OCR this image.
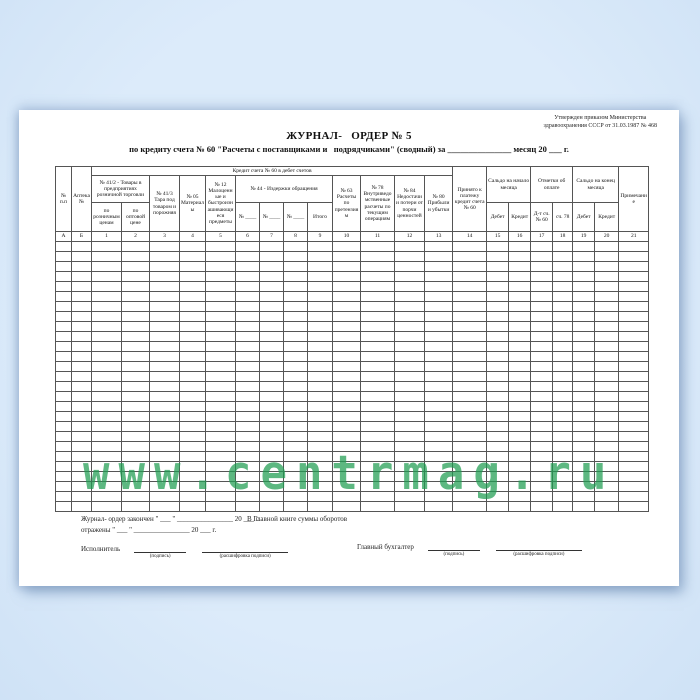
Утвержден приказом Министерства
здравоохранения СССР от 31.03.1987 № 468
ЖУРНАЛ-   ОРДЕР № 5
по кредиту счета № 60 "Расчеты с поставщиками и   подрядчиками" (сводный) за _______________ месяц 20 ___ г.
№ п.п	Аптека №	Кредит счета № 60 в дебет счетов													Принято к платежу кредит счета № 60	Сальдо на начало месяца		Отметки об оплате		Сальдо на конец месяца		Примечание
		№ 41/2 - Товары в предприятиях розничной торговли		№ 41/3 Тара под товаром и порожняя	№ 05 Материалы	№ 12 Малоценные и быстроизнашивающиеся предметы	№ 44 - Издержки обращения				№ 63 Расчеты по претензиям	№ 78 Внутриведомственные расчеты по текущим операциям	№ 84 Недостачи и потери от порчи ценностей	№ 80 Прибыли и убытки								
		по розничным ценам	по оптовой цене				№ ____	№ ____	№ ____	Итого						Дебет	Кредит	Д-т сч. № 60	сч. 78	Дебет	Кредит	
А	Б	1	2	3	4	5	6	7	8	9	10	11	12	13	14	15	16	17	18	19	20	21

www.centrmag.ru
Журнал- ордер закончен " ___ " ________________ 20 ___ г.
В Главной книге суммы оборотов
отражены " ___ " ________________ 20 ___ г.
Исполнитель
(подпись)	(расшифровка подписи)
Главный бухгалтер
(подпись)	(расшифровка подписи)
